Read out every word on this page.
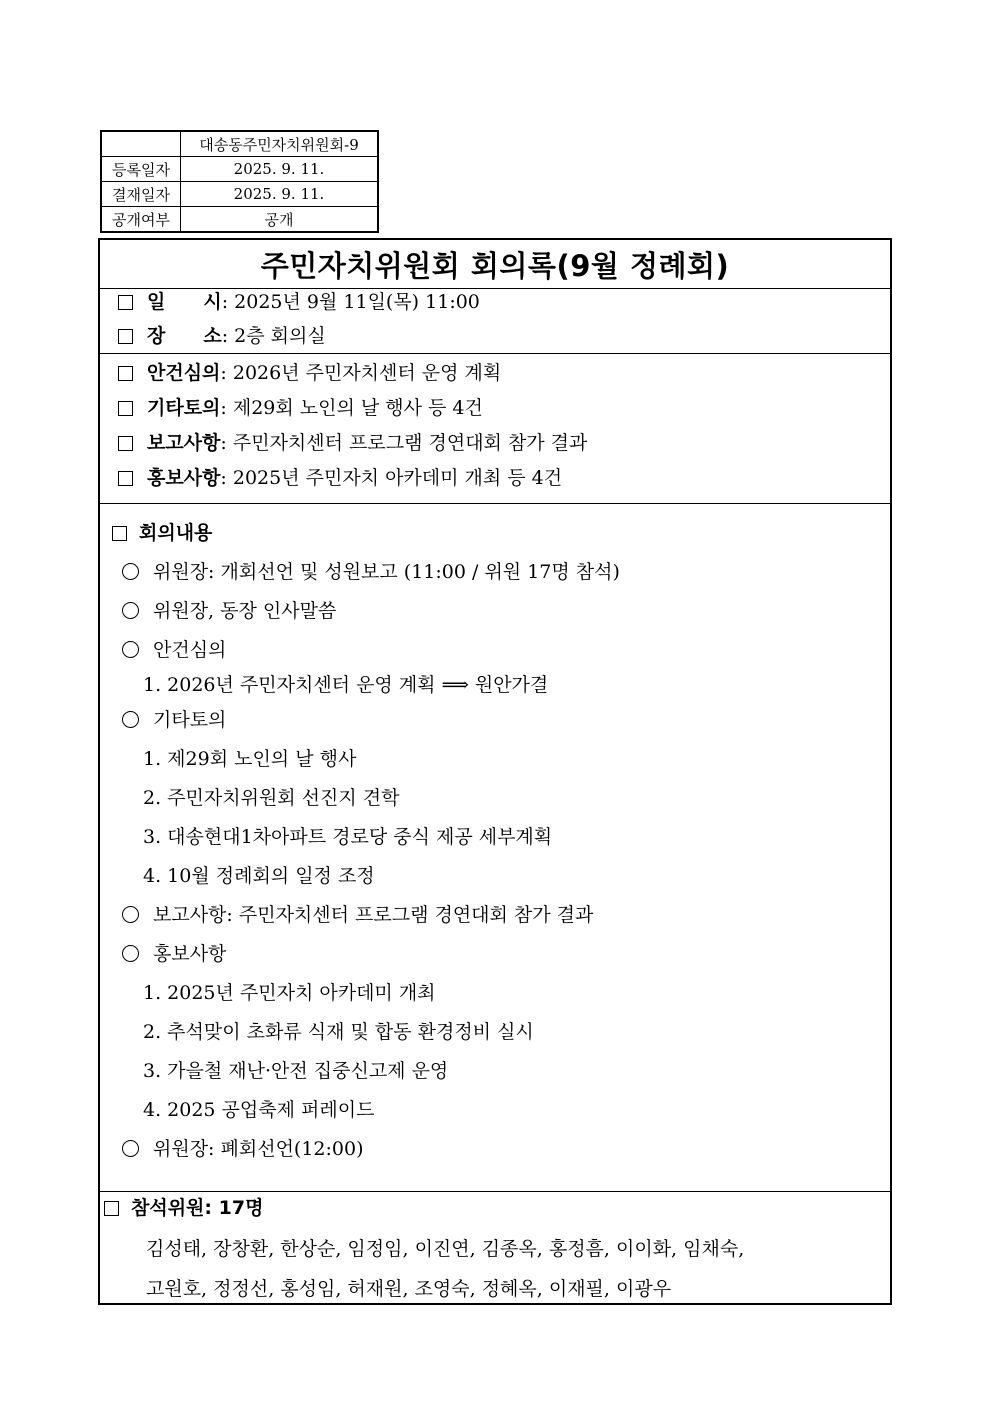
	대송동주민자치위원회-9
등록일자	2025. 9. 11.
결재일자	2025. 9. 11.
공개여부	공개
주민자치위원회 회의록(9월 정례회)
일　　시: 2025년 9월 11일(목) 11:00
장　　소: 2층 회의실
안건심의: 2026년 주민자치센터 운영 계획
기타토의: 제29회 노인의 날 행사 등 4건
보고사항: 주민자치센터 프로그램 경연대회 참가 결과
홍보사항: 2025년 주민자치 아카데미 개최 등 4건
회의내용
위원장: 개회선언 및 성원보고 (11:00 / 위원 17명 참석)
위원장, 동장 인사말씀
안건심의
1. 2026년 주민자치센터 운영 계획 ⟹ 원안가결
기타토의
1. 제29회 노인의 날 행사
2. 주민자치위원회 선진지 견학
3. 대송현대1차아파트 경로당 중식 제공 세부계획
4. 10월 정례회의 일정 조정
보고사항: 주민자치센터 프로그램 경연대회 참가 결과
홍보사항
1. 2025년 주민자치 아카데미 개최
2. 추석맞이 초화류 식재 및 합동 환경정비 실시
3. 가을철 재난·안전 집중신고제 운영
4. 2025 공업축제 퍼레이드
위원장: 폐회선언(12:00)
참석위원: 17명
김성태, 장창환, 한상순, 임정임, 이진연, 김종옥, 홍정흠, 이이화, 임채숙,
고원호, 정정선, 홍성임, 허재원, 조영숙, 정혜옥, 이재필, 이광우
